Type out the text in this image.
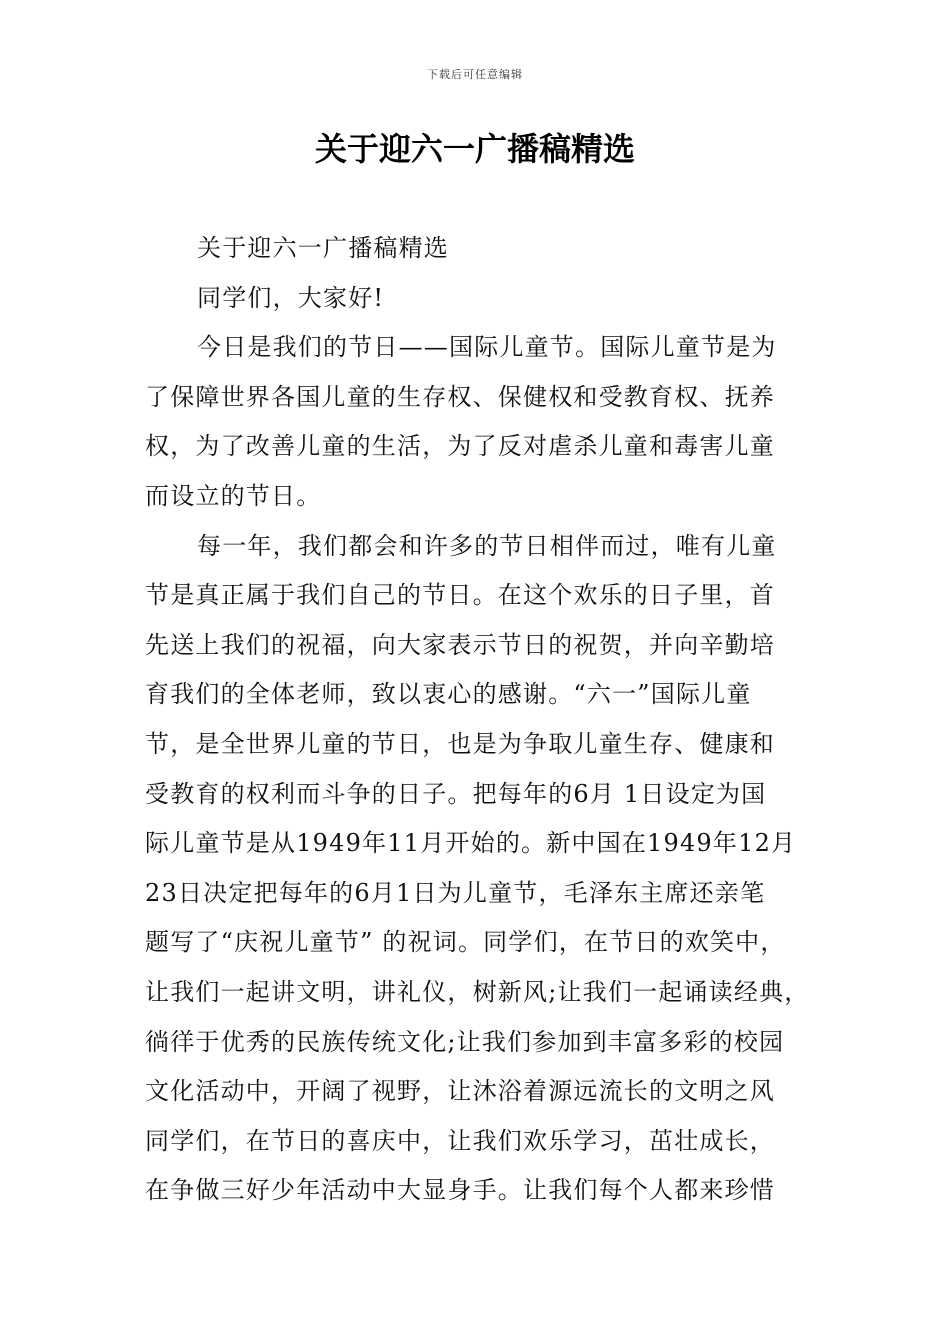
下载后可任意编辑
关于迎六一广播稿精选
关于迎六一广播稿精选
同学们，大家好!
今日是我们的节日——国际儿童节。国际儿童节是为
了保障世界各国儿童的生存权、保健权和受教育权、抚养
权，为了改善儿童的生活，为了反对虐杀儿童和毒害儿童
而设立的节日。
每一年，我们都会和许多的节日相伴而过，唯有儿童
节是真正属于我们自己的节日。在这个欢乐的日子里，首
先送上我们的祝福，向大家表示节日的祝贺，并向辛勤培
育我们的全体老师，致以衷心的感谢。“六一”国际儿童
节，是全世界儿童的节日，也是为争取儿童生存、健康和
受教育的权利而斗争的日子。把每年的6月 1日设定为国
际儿童节是从1949年11月开始的。新中国在1949年12月
23日决定把每年的6月1日为儿童节，毛泽东主席还亲笔
题写了“庆祝儿童节” 的祝词。同学们，在节日的欢笑中，
让我们一起讲文明，讲礼仪，树新风;让我们一起诵读经典，
徜徉于优秀的民族传统文化;让我们参加到丰富多彩的校园
文化活动中，开阔了视野，让沐浴着源远流长的文明之风
同学们，在节日的喜庆中，让我们欢乐学习，茁壮成长，
在争做三好少年活动中大显身手。让我们每个人都来珍惜
